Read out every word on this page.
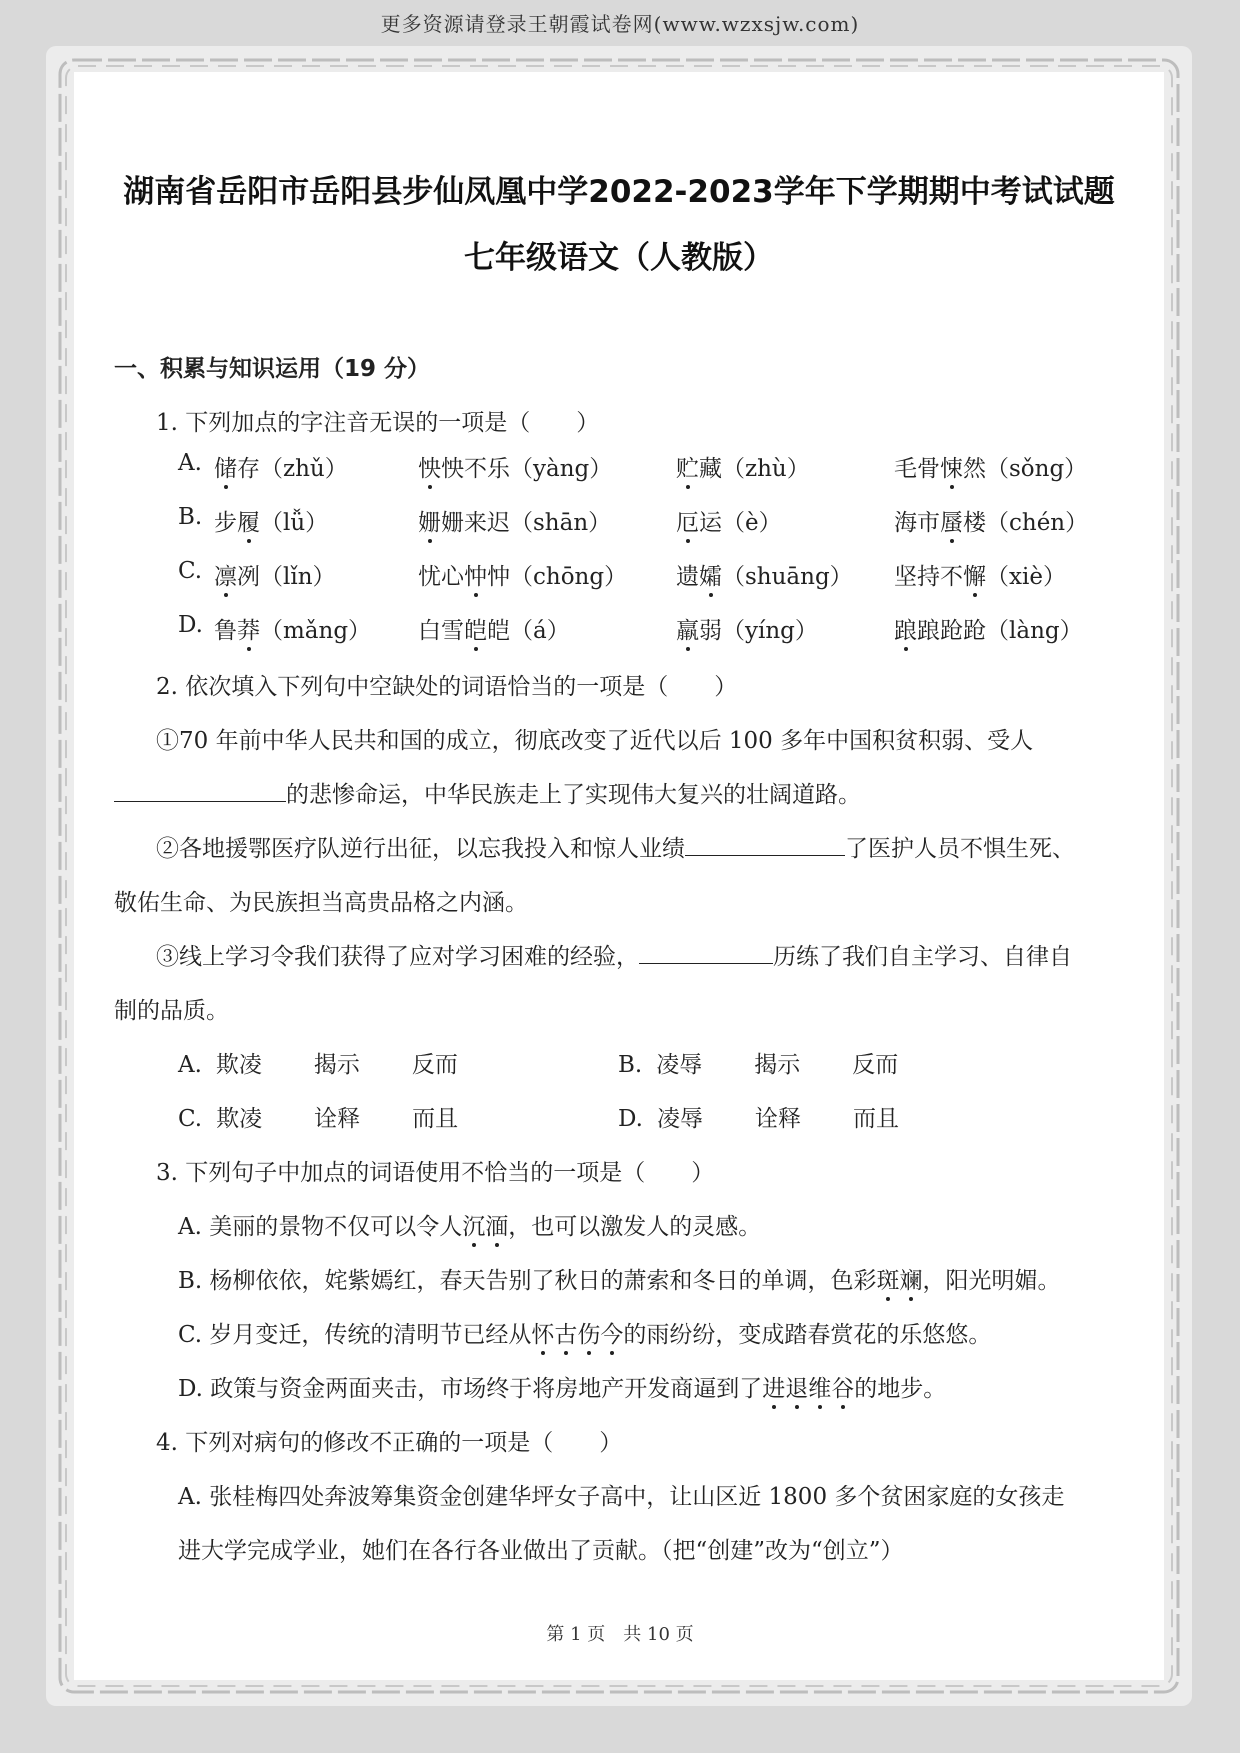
更多资源请登录王朝霞试卷网(www.wzxsjw.com)
湖南省岳阳市岳阳县步仙凤凰中学2022-2023学年下学期期中考试试题
七年级语文（人教版）
一、积累与知识运用（19 分）
1. 下列加点的字注音无误的一项是（　　）
A. 储存（zhǔ）	怏怏不乐（yàng）	贮藏（zhù）	毛骨悚然（sǒng）
B. 步履（lǚ）	姗姗来迟（shān）	厄运（è）	海市蜃楼（chén）
C. 凛冽（lǐn）	忧心忡忡（chōng） 遗孀（shuāng） 坚持不懈（xiè）
D. 鲁莽（mǎng） 白雪皑皑（á）	羸弱（yíng）	踉踉跄跄（làng）
2. 依次填入下列句中空缺处的词语恰当的一项是（　　）
①70 年前中华人民共和国的成立，彻底改变了近代以后 100 多年中国积贫积弱、受人
的悲惨命运，中华民族走上了实现伟大复兴的壮阔道路。
②各地援鄂医疗队逆行出征，以忘我投入和惊人业绩	了医护人员不惧生死、
敬佑生命、为民族担当高贵品格之内涵。
③线上学习令我们获得了应对学习困难的经验，	历练了我们自主学习、自律自
制的品质。
A. 欺凌 揭示 反而	B. 凌辱 揭示 反而
C. 欺凌 诠释 而且	D. 凌辱 诠释 而且
3. 下列句子中加点的词语使用不恰当的一项是（　　）
A. 美丽的景物不仅可以令人沉湎，也可以激发人的灵感。
B. 杨柳依依，姹紫嫣红，春天告别了秋日的萧索和冬日的单调，色彩斑斓，阳光明媚。
C. 岁月变迁，传统的清明节已经从怀古伤今的雨纷纷，变成踏春赏花的乐悠悠。
D. 政策与资金两面夹击，市场终于将房地产开发商逼到了进退维谷的地步。
4. 下列对病句的修改不正确的一项是（　　）
A. 张桂梅四处奔波筹集资金创建华坪女子高中，让山区近 1800 多个贫困家庭的女孩走
进大学完成学业，她们在各行各业做出了贡献。（把“创建”改为“创立”）
第 1 页　共 10 页
